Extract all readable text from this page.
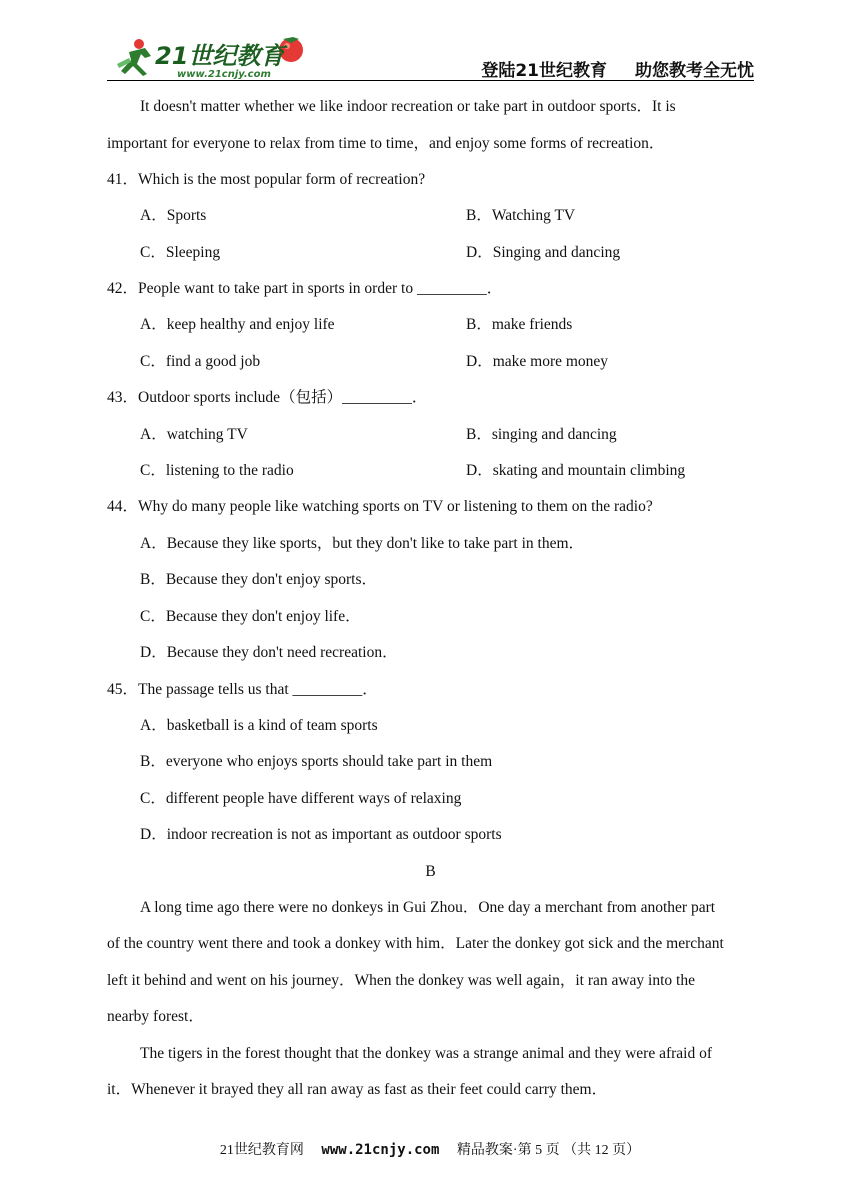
21世纪教育
www.21cnjy.com	登陆21世纪教育 助您教考全无忧
It doesn't matter whether we like indoor recreation or take part in outdoor sports．It is
important for everyone to relax from time to time，and enjoy some forms of recreation．
41．Which is the most popular form of recreation?
A．Sports	B．Watching TV
C．Sleeping	D．Singing and dancing
42．People want to take part in sports in order to _________．
A．keep healthy and enjoy life	B．make friends
C．find a good job	D．make more money
43．Outdoor sports include（包括）_________．
A．watching TV	B．singing and dancing
C．listening to the radio	D．skating and mountain climbing
44．Why do many people like watching sports on TV or listening to them on the radio?
A．Because they like sports，but they don't like to take part in them．
B．Because they don't enjoy sports．
C．Because they don't enjoy life．
D．Because they don't need recreation．
45．The passage tells us that _________．
A．basketball is a kind of team sports
B．everyone who enjoys sports should take part in them
C．different people have different ways of relaxing
D．indoor recreation is not as important as outdoor sports
B
A long time ago there were no donkeys in Gui Zhou．One day a merchant from another part
of the country went there and took a donkey with him．Later the donkey got sick and the merchant
left it behind and went on his journey．When the donkey was well again，it ran away into the
nearby forest．
The tigers in the forest thought that the donkey was a strange animal and they were afraid of
it．Whenever it brayed they all ran away as fast as their feet could carry them．
21世纪教育网 www.21cnjy.com 精品教案·第 5 页 （共 12 页）
